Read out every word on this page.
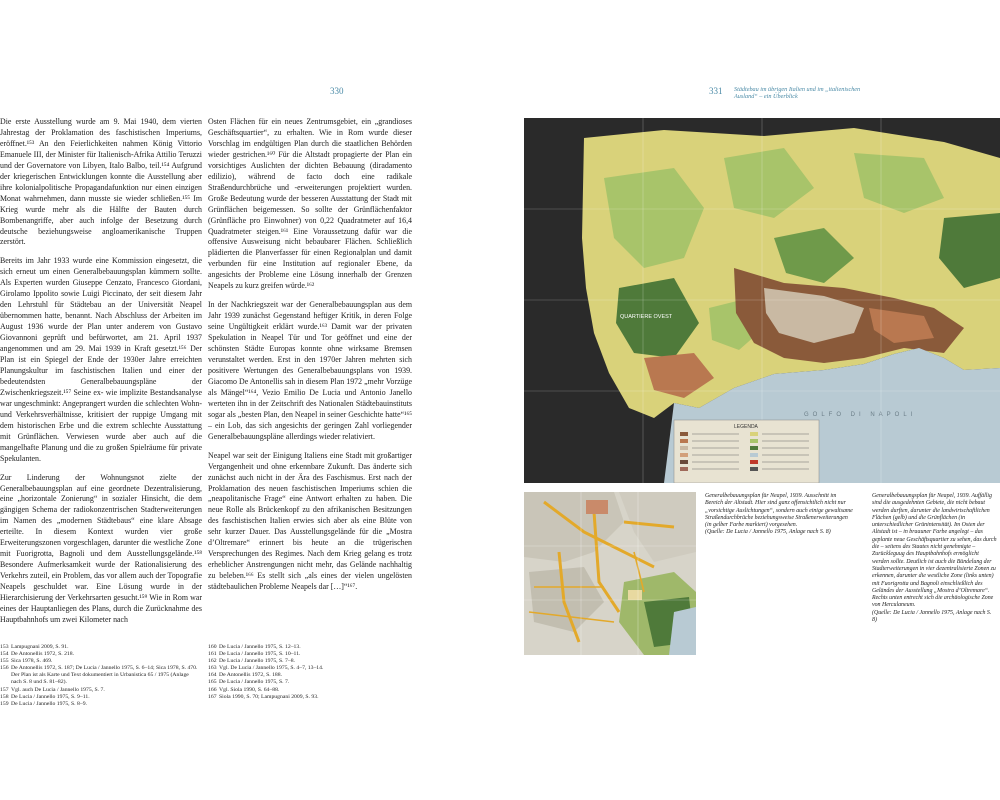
330	331 Städtebau im übrigen Italien und im „italienischen Ausland“ – ein Überblick

Die erste Ausstellung wurde am 9. Mai 1940, dem vierten Jahrestag der Proklamation des faschistischen Imperiums, eröffnet.¹⁵³ An den Feierlichkeiten nahmen König Vittorio Emanuele III, der Minister für Italienisch-Afrika Attilio Teruzzi und der Governatore von Libyen, Italo Balbo, teil.¹⁵⁴ Aufgrund der kriegerischen Entwicklungen konnte die Ausstellung aber ihre kolonialpolitische Propagandafunktion nur einen einzigen Monat wahrnehmen, dann musste sie wieder schließen.¹⁵⁵ Im Krieg wurde mehr als die Hälfte der Bauten durch Bombenangriffe, aber auch infolge der Besetzung durch deutsche beziehungsweise angloamerikanische Truppen zerstört.

Bereits im Jahr 1933 wurde eine Kommission eingesetzt, die sich erneut um einen Generalbebauungsplan kümmern sollte. Als Experten wurden Giuseppe Cenzato, Francesco Giordani, Girolamo Ippolito sowie Luigi Piccinato, der seit diesem Jahr den Lehrstuhl für Städtebau an der Universität Neapel übernommen hatte, benannt. Nach Abschluss der Arbeiten im August 1936 wurde der Plan unter anderem von Gustavo Giovannoni geprüft und befürwortet, am 21. April 1937 angenommen und am 29. Mai 1939 in Kraft gesetzt.¹⁵⁶ Der Plan ist ein Spiegel der Ende der 1930er Jahre erreichten Planungskultur im faschistischen Italien und einer der bedeutendsten Generalbebauungspläne der Zwischenkriegszeit.¹⁵⁷ Seine ex- wie implizite Bestandsanalyse war ungeschminkt: Angeprangert wurden die schlechten Wohn- und Verkehrsverhältnisse, kritisiert der ruppige Umgang mit dem historischen Erbe und die extrem schlechte Ausstattung mit Grünflächen. Verwiesen wurde aber auch auf die mangelhafte Planung und die zu großen Spielräume für private Spekulanten.

Zur Linderung der Wohnungsnot zielte der Generalbebauungsplan auf eine geordnete Dezentralisierung, eine „horizontale Zonierung“ in sozialer Hinsicht, die dem gängigen Schema der radiokonzentrischen Stadterweiterungen im Namen des „modernen Städtebaus“ eine klare Absage erteilte. In diesem Kontext wurden vier große Erweiterungszonen vorgeschlagen, darunter die westliche Zone mit Fuorigrotta, Bagnoli und dem Ausstellungsgelände.¹⁵⁸ Besondere Aufmerksamkeit wurde der Rationalisierung des Verkehrs zuteil, ein Problem, das vor allem auch der Topografie Neapels geschuldet war. Eine Lösung wurde in der Hierarchisierung der Verkehrsarten gesucht.¹⁵⁹ Wie in Rom war eines der Hauptanliegen des Plans, durch die Zurücknahme des Hauptbahnhofs um zwei Kilometer nach

Osten Flächen für ein neues Zentrumsgebiet, ein „grandioses Geschäftsquartier“, zu erhalten. Wie in Rom wurde dieser Vorschlag im endgültigen Plan durch die staatlichen Behörden wieder gestrichen.¹⁶⁰ Für die Altstadt propagierte der Plan ein vorsichtiges Auslichten der dichten Bebauung (diradamento edilizio), während de facto doch eine radikale Straßendurchbrüche und -erweiterungen projektiert wurden. Große Bedeutung wurde der besseren Ausstattung der Stadt mit Grünflächen beigemessen. So sollte der Grünflächenfaktor (Grünfläche pro Einwohner) von 0,22 Quadratmeter auf 16,4 Quadratmeter steigen.¹⁶¹ Eine Voraussetzung dafür war die offensive Ausweisung nicht bebaubarer Flächen. Schließlich plädierten die Planverfasser für einen Regionalplan und damit verbunden für eine Institution auf regionaler Ebene, da angesichts der Probleme eine Lösung innerhalb der Grenzen Neapels zu kurz greifen würde.¹⁶²

In der Nachkriegszeit war der Generalbebauungsplan aus dem Jahr 1939 zunächst Gegenstand heftiger Kritik, in deren Folge seine Ungültigkeit erklärt wurde.¹⁶³ Damit war der privaten Spekulation in Neapel Tür und Tor geöffnet und eine der schönsten Städte Europas konnte ohne wirksame Bremsen verunstaltet werden. Erst in den 1970er Jahren mehrten sich positivere Wertungen des Generalbebauungsplans von 1939. Giacomo De Antonellis sah in diesem Plan 1972 „mehr Vorzüge als Mängel“¹⁶⁴, Vezio Emilio De Lucia und Antonio Janello werteten ihn in der Zeitschrift des Nationalen Städtebauinstituts sogar als „besten Plan, den Neapel in seiner Geschichte hatte“¹⁶⁵ – ein Lob, das sich angesichts der geringen Zahl vorliegender Generalbebauungspläne allerdings wieder relativiert.

Neapel war seit der Einigung Italiens eine Stadt mit großartiger Vergangenheit und ohne erkennbare Zukunft. Das änderte sich zunächst auch nicht in der Ära des Faschismus. Erst nach der Proklamation des neuen faschistischen Imperiums schien die „neapolitanische Frage“ eine Antwort erhalten zu haben. Die neue Rolle als Brückenkopf zu den afrikanischen Besitzungen des faschistischen Italien erwies sich aber als eine Blüte von sehr kurzer Dauer. Das Ausstellungsgelände für die „Mostra d’Oltremare“ erinnert bis heute an die trügerischen Versprechungen des Regimes. Nach dem Krieg gelang es trotz erheblicher Anstrengungen nicht mehr, das Gelände nachhaltig zu beleben.¹⁶⁶ Es stellt sich „als eines der vielen ungelösten städtebaulichen Probleme Neapels dar […]“¹⁶⁷.

153 Lampugnani 2009, S. 91.
154 De Antonellis 1972, S. 218.
155 Sica 1978, S. 469.
156 De Antonellis 1972, S. 187; De Lucia / Jannello 1975, S. 6–14; Sica 1978, S. 470. Der Plan ist als Karte und Text dokumentiert in Urbanistica 65 / 1975 (Anlage nach S. 8 und S. 81–82).
157 Vgl. auch De Lucia / Jannello 1975, S. 7.
158 De Lucia / Jannello 1975, S. 9–11.
159 De Lucia / Jannello 1975, S. 8–9.
160 De Lucia / Jannello 1975, S. 12–13.
161 De Lucia / Jannello 1975, S. 10–11.
162 De Lucia / Jannello 1975, S. 7–8.
163 Vgl. De Lucia / Jannello 1975, S. 4–7, 13–14.
164 De Antonellis 1972, S. 188.
165 De Lucia / Jannello 1975, S. 7.
166 Vgl. Siola 1990, S. 64–88.
167 Siola 1990, S. 70; Lampugnani 2009, S. 93.
GOLFO DI NAPOLI
QUARTIERE OVEST
LEGENDA

Generalbebauungsplan für Neapel, 1939. Ausschnitt im Bereich der Altstadt. Hier sind ganz offensichtlich nicht nur „vorsichtige Auslichtungen“, sondern auch einige gewaltsame Straßendurchbrüche beziehungsweise Straßenerweiterungen (in gelber Farbe markiert) vorgesehen.

(Quelle: De Lucia / Jannello 1975, Anlage nach S. 8)

Generalbebauungsplan für Neapel, 1939. Auffällig sind die ausgedehnten Gebiete, die nicht bebaut werden durften, darunter die landwirtschaftlichen Flächen (gelb) und die Grünflächen (in unterschiedlicher Grünintensität). Im Osten der Altstadt ist – in braauner Farbe angelegt – das geplante neue Geschäftsquartier zu sehen, das durch die – seitens des Staates nicht genehmigte – Zurückleguug des Hauptbahnhofs ermöglicht werden sollte. Deutlich ist auch die Bündelung der Stadterweiterungen in vier dezentralisierte Zonen zu erkennen, darunter die westliche Zone (links unten) mit Fuorigrotta und Bagnoli einschließlich des Geländes der Ausstellung „Mostra d’Oltremare“. Rechts unten entrecht sich die archäologische Zone von Herculaneum.

(Quelle: De Lucia / Jannello 1975, Anlage nach S. 8)
